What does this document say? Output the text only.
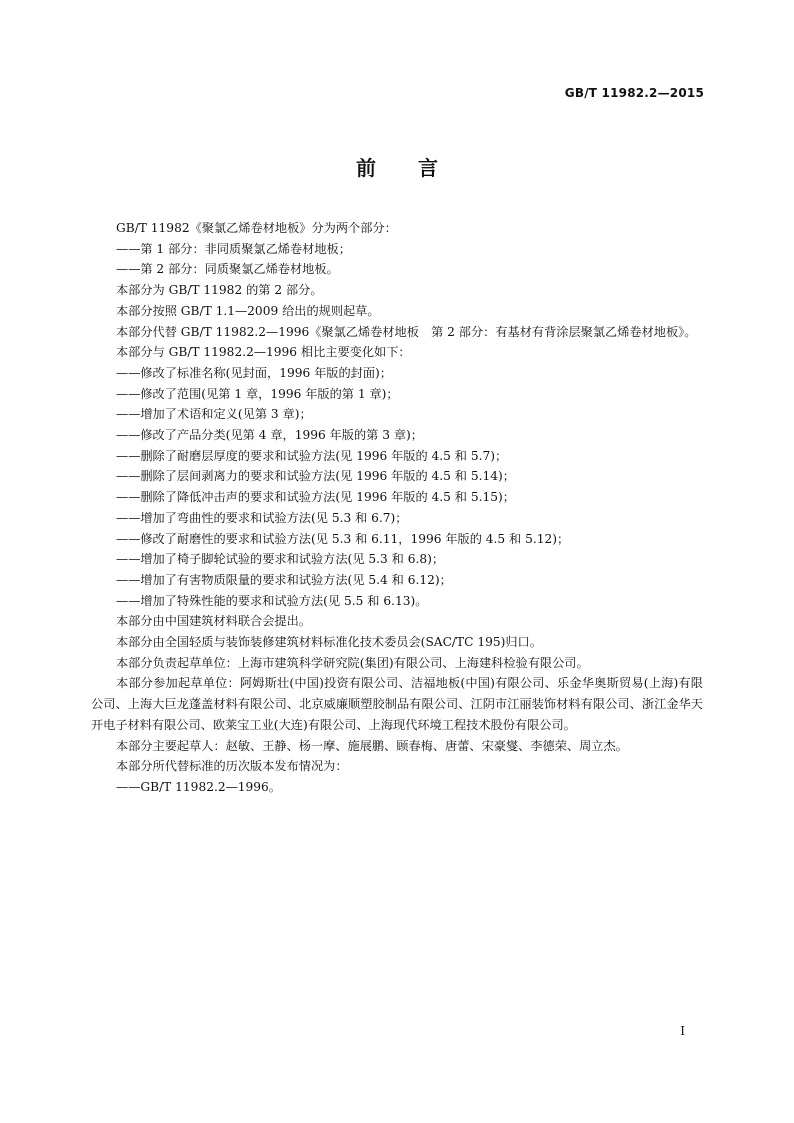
GB/T 11982.2—2015
前言

GB/T 11982《聚氯乙烯卷材地板》分为两个部分：

——第 1 部分：非同质聚氯乙烯卷材地板；

——第 2 部分：同质聚氯乙烯卷材地板。

本部分为 GB/T 11982 的第 2 部分。

本部分按照 GB/T 1.1—2009 给出的规则起草。

本部分代替 GB/T 11982.2—1996《聚氯乙烯卷材地板　第 2 部分：有基材有背涂层聚氯乙烯卷材地板》。

本部分与 GB/T 11982.2—1996 相比主要变化如下：

——修改了标准名称(见封面，1996 年版的封面)；

——修改了范围(见第 1 章，1996 年版的第 1 章)；

——增加了术语和定义(见第 3 章)；

——修改了产品分类(见第 4 章，1996 年版的第 3 章)；

——删除了耐磨层厚度的要求和试验方法(见 1996 年版的 4.5 和 5.7)；

——删除了层间剥离力的要求和试验方法(见 1996 年版的 4.5 和 5.14)；

——删除了降低冲击声的要求和试验方法(见 1996 年版的 4.5 和 5.15)；

——增加了弯曲性的要求和试验方法(见 5.3 和 6.7)；

——修改了耐磨性的要求和试验方法(见 5.3 和 6.11，1996 年版的 4.5 和 5.12)；

——增加了椅子脚轮试验的要求和试验方法(见 5.3 和 6.8)；

——增加了有害物质限量的要求和试验方法(见 5.4 和 6.12)；

——增加了特殊性能的要求和试验方法(见 5.5 和 6.13)。

本部分由中国建筑材料联合会提出。

本部分由全国轻质与装饰装修建筑材料标准化技术委员会(SAC/TC 195)归口。

本部分负责起草单位：上海市建筑科学研究院(集团)有限公司、上海建科检验有限公司。

本部分参加起草单位：阿姆斯壮(中国)投资有限公司、洁福地板(中国)有限公司、乐金华奥斯贸易(上海)有限公司、上海大巨龙蓬盖材料有限公司、北京威廉顺塑胶制品有限公司、江阴市江丽装饰材料有限公司、浙江金华天开电子材料有限公司、欧莱宝工业(大连)有限公司、上海现代环境工程技术股份有限公司。

本部分主要起草人：赵敏、王静、杨一摩、施展鹏、顾春梅、唐蕾、宋豪燮、李德荣、周立杰。

本部分所代替标准的历次版本发布情况为：

——GB/T 11982.2—1996。

I
